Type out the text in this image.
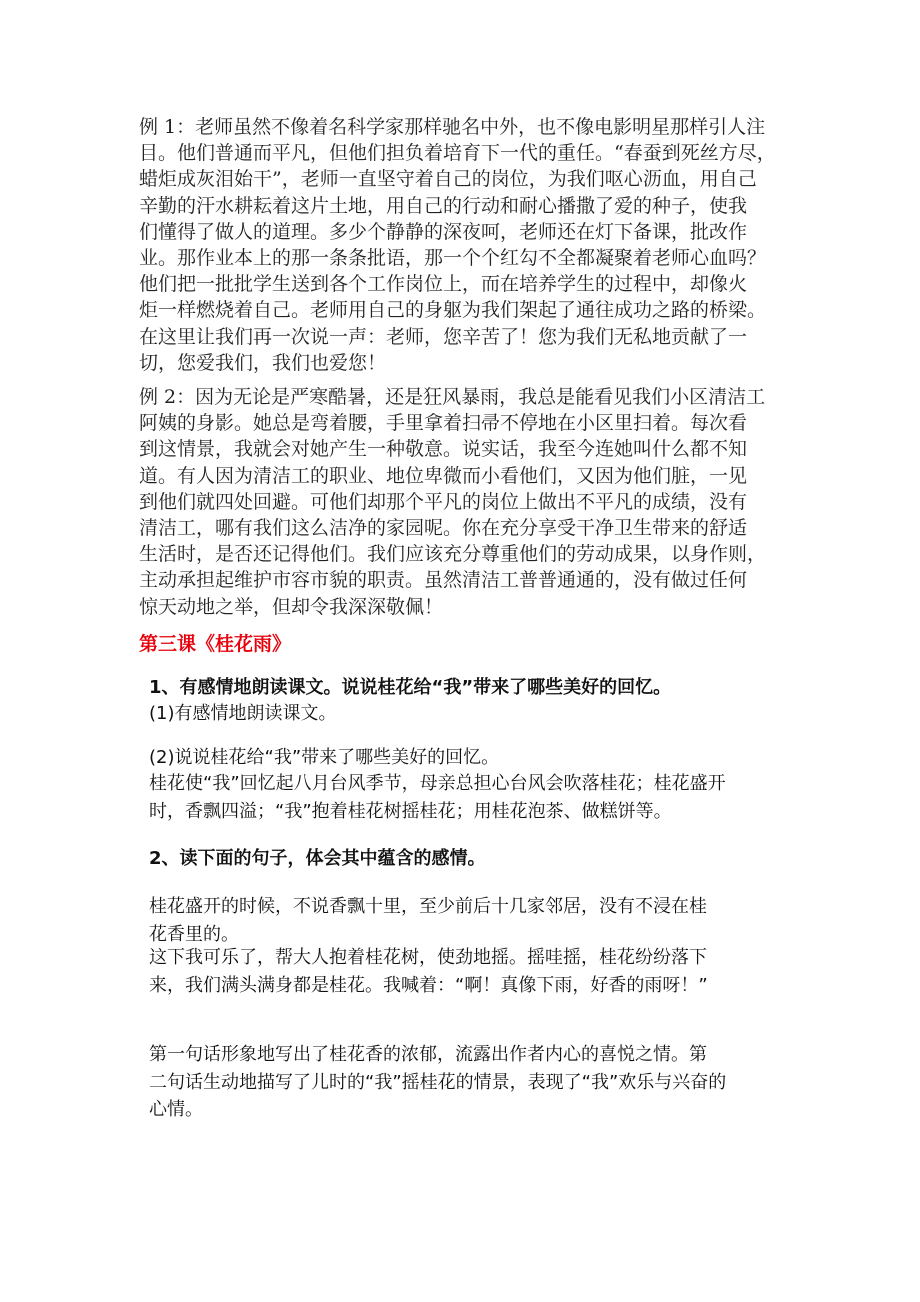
例 1：老师虽然不像着名科学家那样驰名中外，也不像电影明星那样引人注
目。他们普通而平凡，但他们担负着培育下一代的重任。“春蚕到死丝方尽，
蜡炬成灰泪始干”，老师一直坚守着自己的岗位，为我们呕心沥血，用自己
辛勤的汗水耕耘着这片土地，用自己的行动和耐心播撒了爱的种子，使我
们懂得了做人的道理。多少个静静的深夜呵，老师还在灯下备课，批改作
业。那作业本上的那一条条批语，那一个个红勾不全都凝聚着老师心血吗？
他们把一批批学生送到各个工作岗位上，而在培养学生的过程中，却像火
炬一样燃烧着自己。老师用自己的身躯为我们架起了通往成功之路的桥梁。
在这里让我们再一次说一声：老师，您辛苦了！您为我们无私地贡献了一
切，您爱我们，我们也爱您！
例 2：因为无论是严寒酷暑，还是狂风暴雨，我总是能看见我们小区清洁工
阿姨的身影。她总是弯着腰，手里拿着扫帚不停地在小区里扫着。每次看
到这情景，我就会对她产生一种敬意。说实话，我至今连她叫什么都不知
道。有人因为清洁工的职业、地位卑微而小看他们，又因为他们脏，一见
到他们就四处回避。可他们却那个平凡的岗位上做出不平凡的成绩，没有
清洁工，哪有我们这么洁净的家园呢。你在充分享受干净卫生带来的舒适
生活时，是否还记得他们。我们应该充分尊重他们的劳动成果，以身作则，
主动承担起维护市容市貌的职责。虽然清洁工普普通通的，没有做过任何
惊天动地之举，但却令我深深敬佩！
第三课《桂花雨》
1、有感情地朗读课文。说说桂花给“我”带来了哪些美好的回忆。
(1)有感情地朗读课文。
(2)说说桂花给“我”带来了哪些美好的回忆。
桂花使“我”回忆起八月台风季节，母亲总担心台风会吹落桂花；桂花盛开
时，香飘四溢；“我”抱着桂花树摇桂花；用桂花泡茶、做糕饼等。
2、读下面的句子，体会其中蕴含的感情。
桂花盛开的时候，不说香飘十里，至少前后十几家邻居，没有不浸在桂
花香里的。
这下我可乐了，帮大人抱着桂花树，使劲地摇。摇哇摇，桂花纷纷落下
来，我们满头满身都是桂花。我喊着：“啊！真像下雨，好香的雨呀！”
第一句话形象地写出了桂花香的浓郁，流露出作者内心的喜悦之情。第
二句话生动地描写了儿时的“我”摇桂花的情景，表现了“我”欢乐与兴奋的
心情。
